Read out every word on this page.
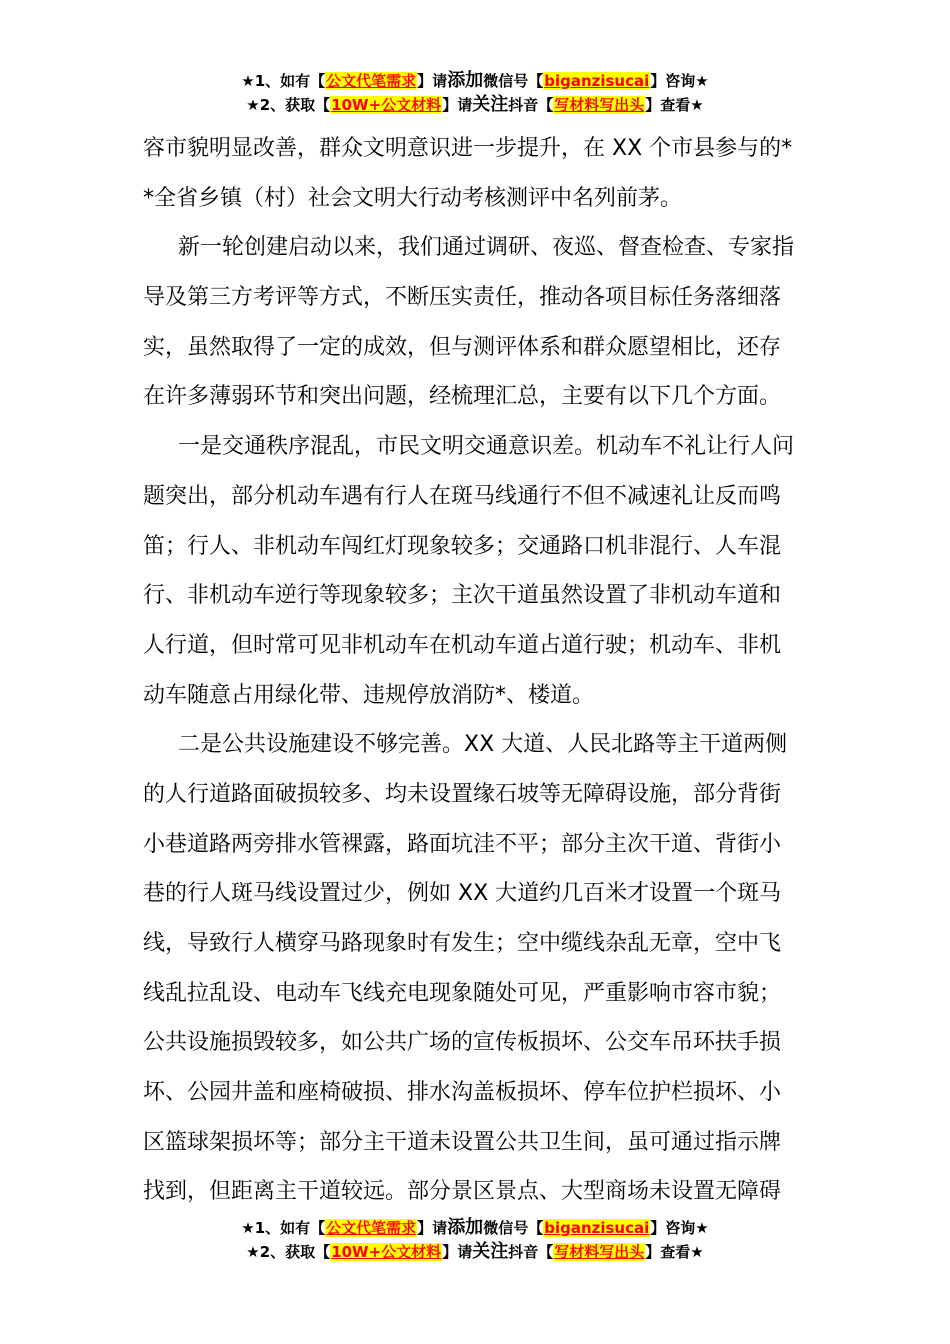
★1、如有【公文代笔需求】请添加微信号【biganzisucai】咨询★
★2、获取【10W+公文材料】请关注抖音【写材料写出头】查看★
容市貌明显改善，群众文明意识进一步提升，在 XX 个市县参与的*
*全省乡镇（村）社会文明大行动考核测评中名列前茅。
新一轮创建启动以来，我们通过调研、夜巡、督查检查、专家指
导及第三方考评等方式，不断压实责任，推动各项目标任务落细落
实，虽然取得了一定的成效，但与测评体系和群众愿望相比，还存
在许多薄弱环节和突出问题，经梳理汇总，主要有以下几个方面。
一是交通秩序混乱，市民文明交通意识差。机动车不礼让行人问
题突出，部分机动车遇有行人在斑马线通行不但不减速礼让反而鸣
笛；行人、非机动车闯红灯现象较多；交通路口机非混行、人车混
行、非机动车逆行等现象较多；主次干道虽然设置了非机动车道和
人行道，但时常可见非机动车在机动车道占道行驶；机动车、非机
动车随意占用绿化带、违规停放消防*、楼道。
二是公共设施建设不够完善。XX 大道、人民北路等主干道两侧
的人行道路面破损较多、均未设置缘石坡等无障碍设施，部分背街
小巷道路两旁排水管裸露，路面坑洼不平；部分主次干道、背街小
巷的行人斑马线设置过少，例如 XX 大道约几百米才设置一个斑马
线，导致行人横穿马路现象时有发生；空中缆线杂乱无章，空中飞
线乱拉乱设、电动车飞线充电现象随处可见，严重影响市容市貌；
公共设施损毁较多，如公共广场的宣传板损坏、公交车吊环扶手损
坏、公园井盖和座椅破损、排水沟盖板损坏、停车位护栏损坏、小
区篮球架损坏等；部分主干道未设置公共卫生间，虽可通过指示牌
找到，但距离主干道较远。部分景区景点、大型商场未设置无障碍
★1、如有【公文代笔需求】请添加微信号【biganzisucai】咨询★
★2、获取【10W+公文材料】请关注抖音【写材料写出头】查看★
